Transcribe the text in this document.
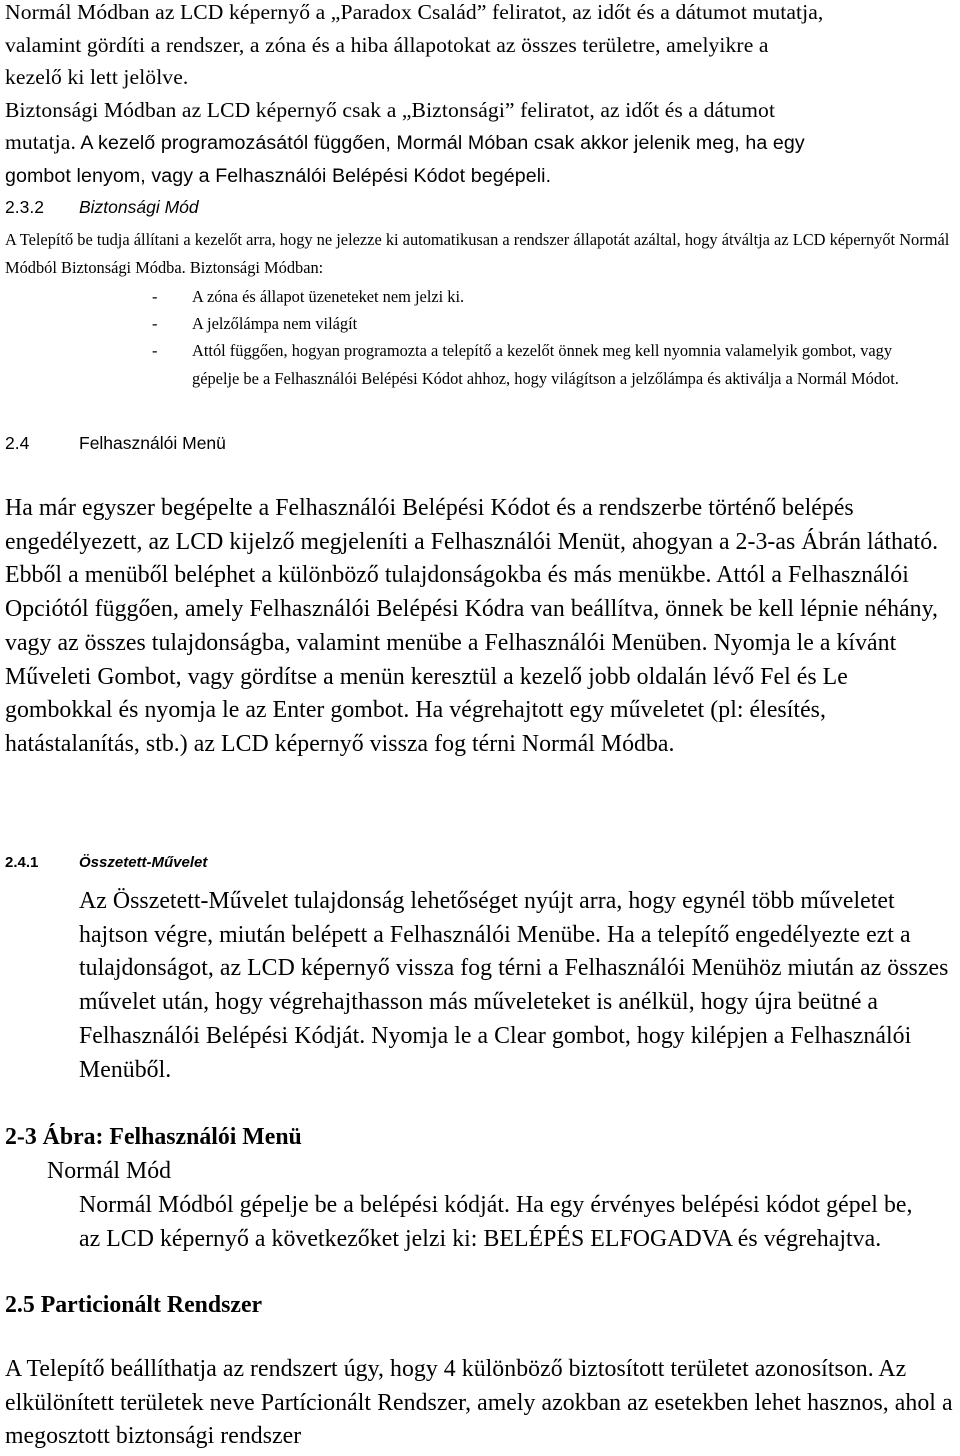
Normál Módban az LCD képernyő a „Paradox Család” feliratot, az időt és a dátumot mutatja,
valamint gördíti a rendszer, a zóna és a hiba állapotokat az összes területre, amelyikre a
kezelő ki lett jelölve.
Biztonsági Módban az LCD képernyő csak a „Biztonsági” feliratot, az időt és a dátumot
mutatja. A kezelő programozásától függően, Mormál Móban csak akkor jelenik meg, ha egy
gombot lenyom, vagy a Felhasználói Belépési Kódot begépeli.
2.3.2 Biztonsági Mód
A Telepítő be tudja állítani a kezelőt arra, hogy ne jelezze ki automatikusan a rendszer állapotát azáltal, hogy átváltja az LCD képernyőt Normál Módból Biztonsági Módba. Biztonsági Módban:
- A zóna és állapot üzeneteket nem jelzi ki.
- A jelzőlámpa nem világít
- Attól függően, hogyan programozta a telepítő a kezelőt önnek meg kell nyomnia valamelyik gombot, vagy gépelje be a Felhasználói Belépési Kódot ahhoz, hogy világítson a jelzőlámpa és aktiválja a Normál Módot.
2.4	Felhasználói Menü
Ha már egyszer begépelte a Felhasználói Belépési Kódot és a rendszerbe történő belépés engedélyezett, az LCD kijelző megjeleníti a Felhasználói Menüt, ahogyan a 2-3-as Ábrán látható. Ebből a menüből beléphet a különböző tulajdonságokba és más menükbe. Attól a Felhasználói Opciótól függően, amely Felhasználói Belépési Kódra van beállítva, önnek be kell lépnie néhány, vagy az összes tulajdonságba, valamint menübe a Felhasználói Menüben. Nyomja le a kívánt Műveleti Gombot, vagy gördítse a menün keresztül a kezelő jobb oldalán lévő Fel és Le gombokkal és nyomja le az Enter gombot. Ha végrehajtott egy műveletet (pl: élesítés, hatástalanítás, stb.) az LCD képernyő vissza fog térni Normál Módba.
2.4.1	Összetett-Művelet
Az Összetett-Művelet tulajdonság lehetőséget nyújt arra, hogy egynél több műveletet hajtson végre, miután belépett a Felhasználói Menübe. Ha a telepítő engedélyezte ezt a tulajdonságot, az LCD képernyő vissza fog térni a Felhasználói Menühöz miután az összes művelet után, hogy végrehajthasson más műveleteket is anélkül, hogy újra beütné a Felhasználói Belépési Kódját. Nyomja le a Clear gombot, hogy kilépjen a Felhasználói Menüből.
2-3 Ábra: Felhasználói Menü
Normál Mód
Normál Módból gépelje be a belépési kódját. Ha egy érvényes belépési kódot gépel be, az LCD képernyő a következőket jelzi ki: BELÉPÉS ELFOGADVA és végrehajtva.
2.5 Particionált Rendszer
A Telepítő beállíthatja az rendszert úgy, hogy 4 különböző biztosított területet azonosítson. Az elkülönített területek neve Partícionált Rendszer, amely azokban az esetekben lehet hasznos, ahol a megosztott biztonsági rendszer
